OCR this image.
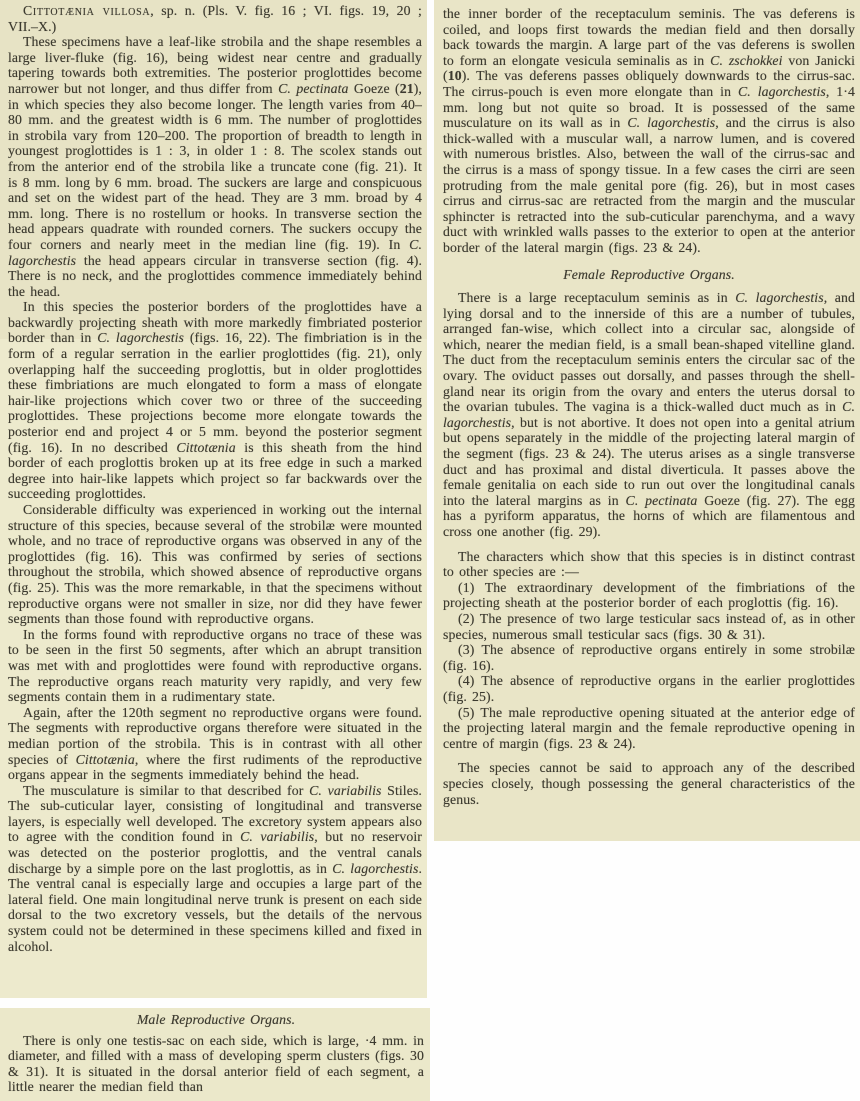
Cittotænia villosa, sp. n. (Pls. V. fig. 16 ; VI. figs. 19, 20 ; VII.–X.)

These specimens have a leaf-like strobila and the shape resembles a large liver-fluke (fig. 16), being widest near centre and gradually tapering towards both extremities. The posterior proglottides become narrower but not longer, and thus differ from C. pectinata Goeze (21), in which species they also become longer. The length varies from 40–80 mm. and the greatest width is 6 mm. The number of proglottides in strobila vary from 120–200. The proportion of breadth to length in youngest proglottides is 1 : 3, in older 1 : 8. The scolex stands out from the anterior end of the strobila like a truncate cone (fig. 21). It is 8 mm. long by 6 mm. broad. The suckers are large and conspicuous and set on the widest part of the head. They are 3 mm. broad by 4 mm. long. There is no rostellum or hooks. In transverse section the head appears quadrate with rounded corners. The suckers occupy the four corners and nearly meet in the median line (fig. 19). In C. lagorchestis the head appears circular in transverse section (fig. 4). There is no neck, and the proglottides commence immediately behind the head.

In this species the posterior borders of the proglottides have a backwardly projecting sheath with more markedly fimbriated posterior border than in C. lagorchestis (figs. 16, 22). The fimbriation is in the form of a regular serration in the earlier proglottides (fig. 21), only overlapping half the succeeding proglottis, but in older proglottides these fimbriations are much elongated to form a mass of elongate hair-like projections which cover two or three of the succeeding proglottides. These projections become more elongate towards the posterior end and project 4 or 5 mm. beyond the posterior segment (fig. 16). In no described Cittotænia is this sheath from the hind border of each proglottis broken up at its free edge in such a marked degree into hair-like lappets which project so far backwards over the succeeding proglottides.

Considerable difficulty was experienced in working out the internal structure of this species, because several of the strobilæ were mounted whole, and no trace of reproductive organs was observed in any of the proglottides (fig. 16). This was confirmed by series of sections throughout the strobila, which showed absence of reproductive organs (fig. 25). This was the more remarkable, in that the specimens without reproductive organs were not smaller in size, nor did they have fewer segments than those found with reproductive organs.

In the forms found with reproductive organs no trace of these was to be seen in the first 50 segments, after which an abrupt transition was met with and proglottides were found with reproductive organs. The reproductive organs reach maturity very rapidly, and very few segments contain them in a rudimentary state.

Again, after the 120th segment no reproductive organs were found. The segments with reproductive organs therefore were situated in the median portion of the strobila. This is in contrast with all other species of Cittotænia, where the first rudiments of the reproductive organs appear in the segments immediately behind the head.

The musculature is similar to that described for C. variabilis Stiles. The sub-cuticular layer, consisting of longitudinal and transverse layers, is especially well developed. The excretory system appears also to agree with the condition found in C. variabilis, but no reservoir was detected on the posterior proglottis, and the ventral canals discharge by a simple pore on the last proglottis, as in C. lagorchestis. The ventral canal is especially large and occupies a large part of the lateral field. One main longitudinal nerve trunk is present on each side dorsal to the two excretory vessels, but the details of the nervous system could not be determined in these specimens killed and fixed in alcohol.

Male Reproductive Organs.

There is only one testis-sac on each side, which is large, ·4 mm. in diameter, and filled with a mass of developing sperm clusters (figs. 30 & 31). It is situated in the dorsal anterior field of each segment, a little nearer the median field than

the inner border of the receptaculum seminis. The vas deferens is coiled, and loops first towards the median field and then dorsally back towards the margin. A large part of the vas deferens is swollen to form an elongate vesicula seminalis as in C. zschokkei von Janicki (10). The vas deferens passes obliquely downwards to the cirrus-sac. The cirrus-pouch is even more elongate than in C. lagorchestis, 1·4 mm. long but not quite so broad. It is possessed of the same musculature on its wall as in C. lagorchestis, and the cirrus is also thick-walled with a muscular wall, a narrow lumen, and is covered with numerous bristles. Also, between the wall of the cirrus-sac and the cirrus is a mass of spongy tissue. In a few cases the cirri are seen protruding from the male genital pore (fig. 26), but in most cases cirrus and cirrus-sac are retracted from the margin and the muscular sphincter is retracted into the sub-cuticular parenchyma, and a wavy duct with wrinkled walls passes to the exterior to open at the anterior border of the lateral margin (figs. 23 & 24).

Female Reproductive Organs.

There is a large receptaculum seminis as in C. lagorchestis, and lying dorsal and to the innerside of this are a number of tubules, arranged fan-wise, which collect into a circular sac, alongside of which, nearer the median field, is a small bean-shaped vitelline gland. The duct from the receptaculum seminis enters the circular sac of the ovary. The oviduct passes out dorsally, and passes through the shell-gland near its origin from the ovary and enters the uterus dorsal to the ovarian tubules. The vagina is a thick-walled duct much as in C. lagorchestis, but is not abortive. It does not open into a genital atrium but opens separately in the middle of the projecting lateral margin of the segment (figs. 23 & 24). The uterus arises as a single transverse duct and has proximal and distal diverticula. It passes above the female genitalia on each side to run out over the longitudinal canals into the lateral margins as in C. pectinata Goeze (fig. 27). The egg has a pyriform apparatus, the horns of which are filamentous and cross one another (fig. 29).

The characters which show that this species is in distinct contrast to other species are :—

(1) The extraordinary development of the fimbriations of the projecting sheath at the posterior border of each proglottis (fig. 16).

(2) The presence of two large testicular sacs instead of, as in other species, numerous small testicular sacs (figs. 30 & 31).

(3) The absence of reproductive organs entirely in some strobilæ (fig. 16).

(4) The absence of reproductive organs in the earlier proglottides (fig. 25).

(5) The male reproductive opening situated at the anterior edge of the projecting lateral margin and the female reproductive opening in centre of margin (figs. 23 & 24).

The species cannot be said to approach any of the described species closely, though possessing the general characteristics of the genus.
